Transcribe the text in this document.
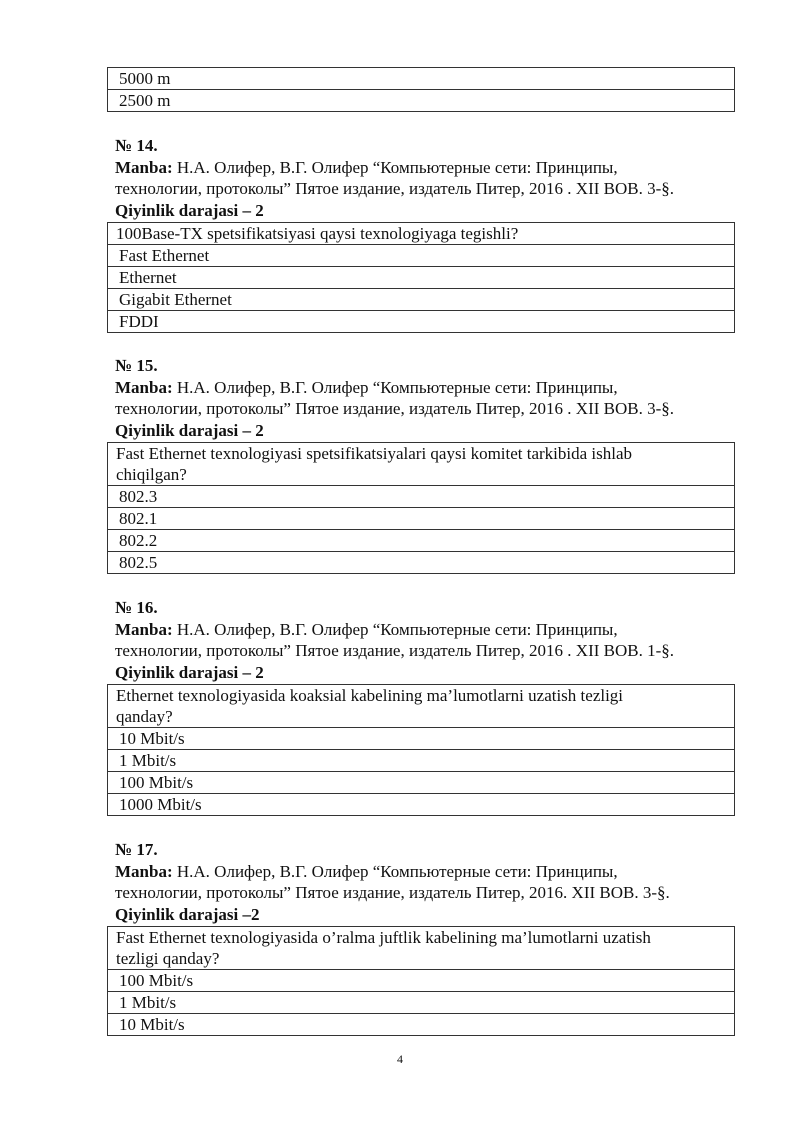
5000 m
2500 m
№ 14.
Manba: Н.А. Олифер, В.Г. Олифер “Компьютерные сети: Принципы,
технологии, протоколы” Пятое издание, издатель Питер, 2016 . XII BOB. 3-§.
Qiyinlik darajasi – 2
100Base-TX spetsifikatsiyasi qaysi texnologiyaga tegishli?
Fast Ethernet
Ethernet
Gigabit Ethernet
FDDI
№ 15.
Manba: Н.А. Олифер, В.Г. Олифер “Компьютерные сети: Принципы,
технологии, протоколы” Пятое издание, издатель Питер, 2016 . XII BOB. 3-§.
Qiyinlik darajasi – 2
Fast Ethernet texnologiyasi spetsifikatsiyalari qaysi komitet tarkibida ishlab
chiqilgan?
802.3
802.1
802.2
802.5
№ 16.
Manba: Н.А. Олифер, В.Г. Олифер “Компьютерные сети: Принципы,
технологии, протоколы” Пятое издание, издатель Питер, 2016 . XII BOB. 1-§.
Qiyinlik darajasi – 2
Ethernet texnologiyasida koaksial kabelining ma’lumotlarni uzatish tezligi
qanday?
10 Mbit/s
1 Mbit/s
100 Mbit/s
1000 Mbit/s
№ 17.
Manba: Н.А. Олифер, В.Г. Олифер “Компьютерные сети: Принципы,
технологии, протоколы” Пятое издание, издатель Питер, 2016. XII BOB. 3-§.
Qiyinlik darajasi –2
Fast Ethernet texnologiyasida o’ralma juftlik kabelining ma’lumotlarni uzatish
tezligi qanday?
100 Mbit/s
1 Mbit/s
10 Mbit/s
4
